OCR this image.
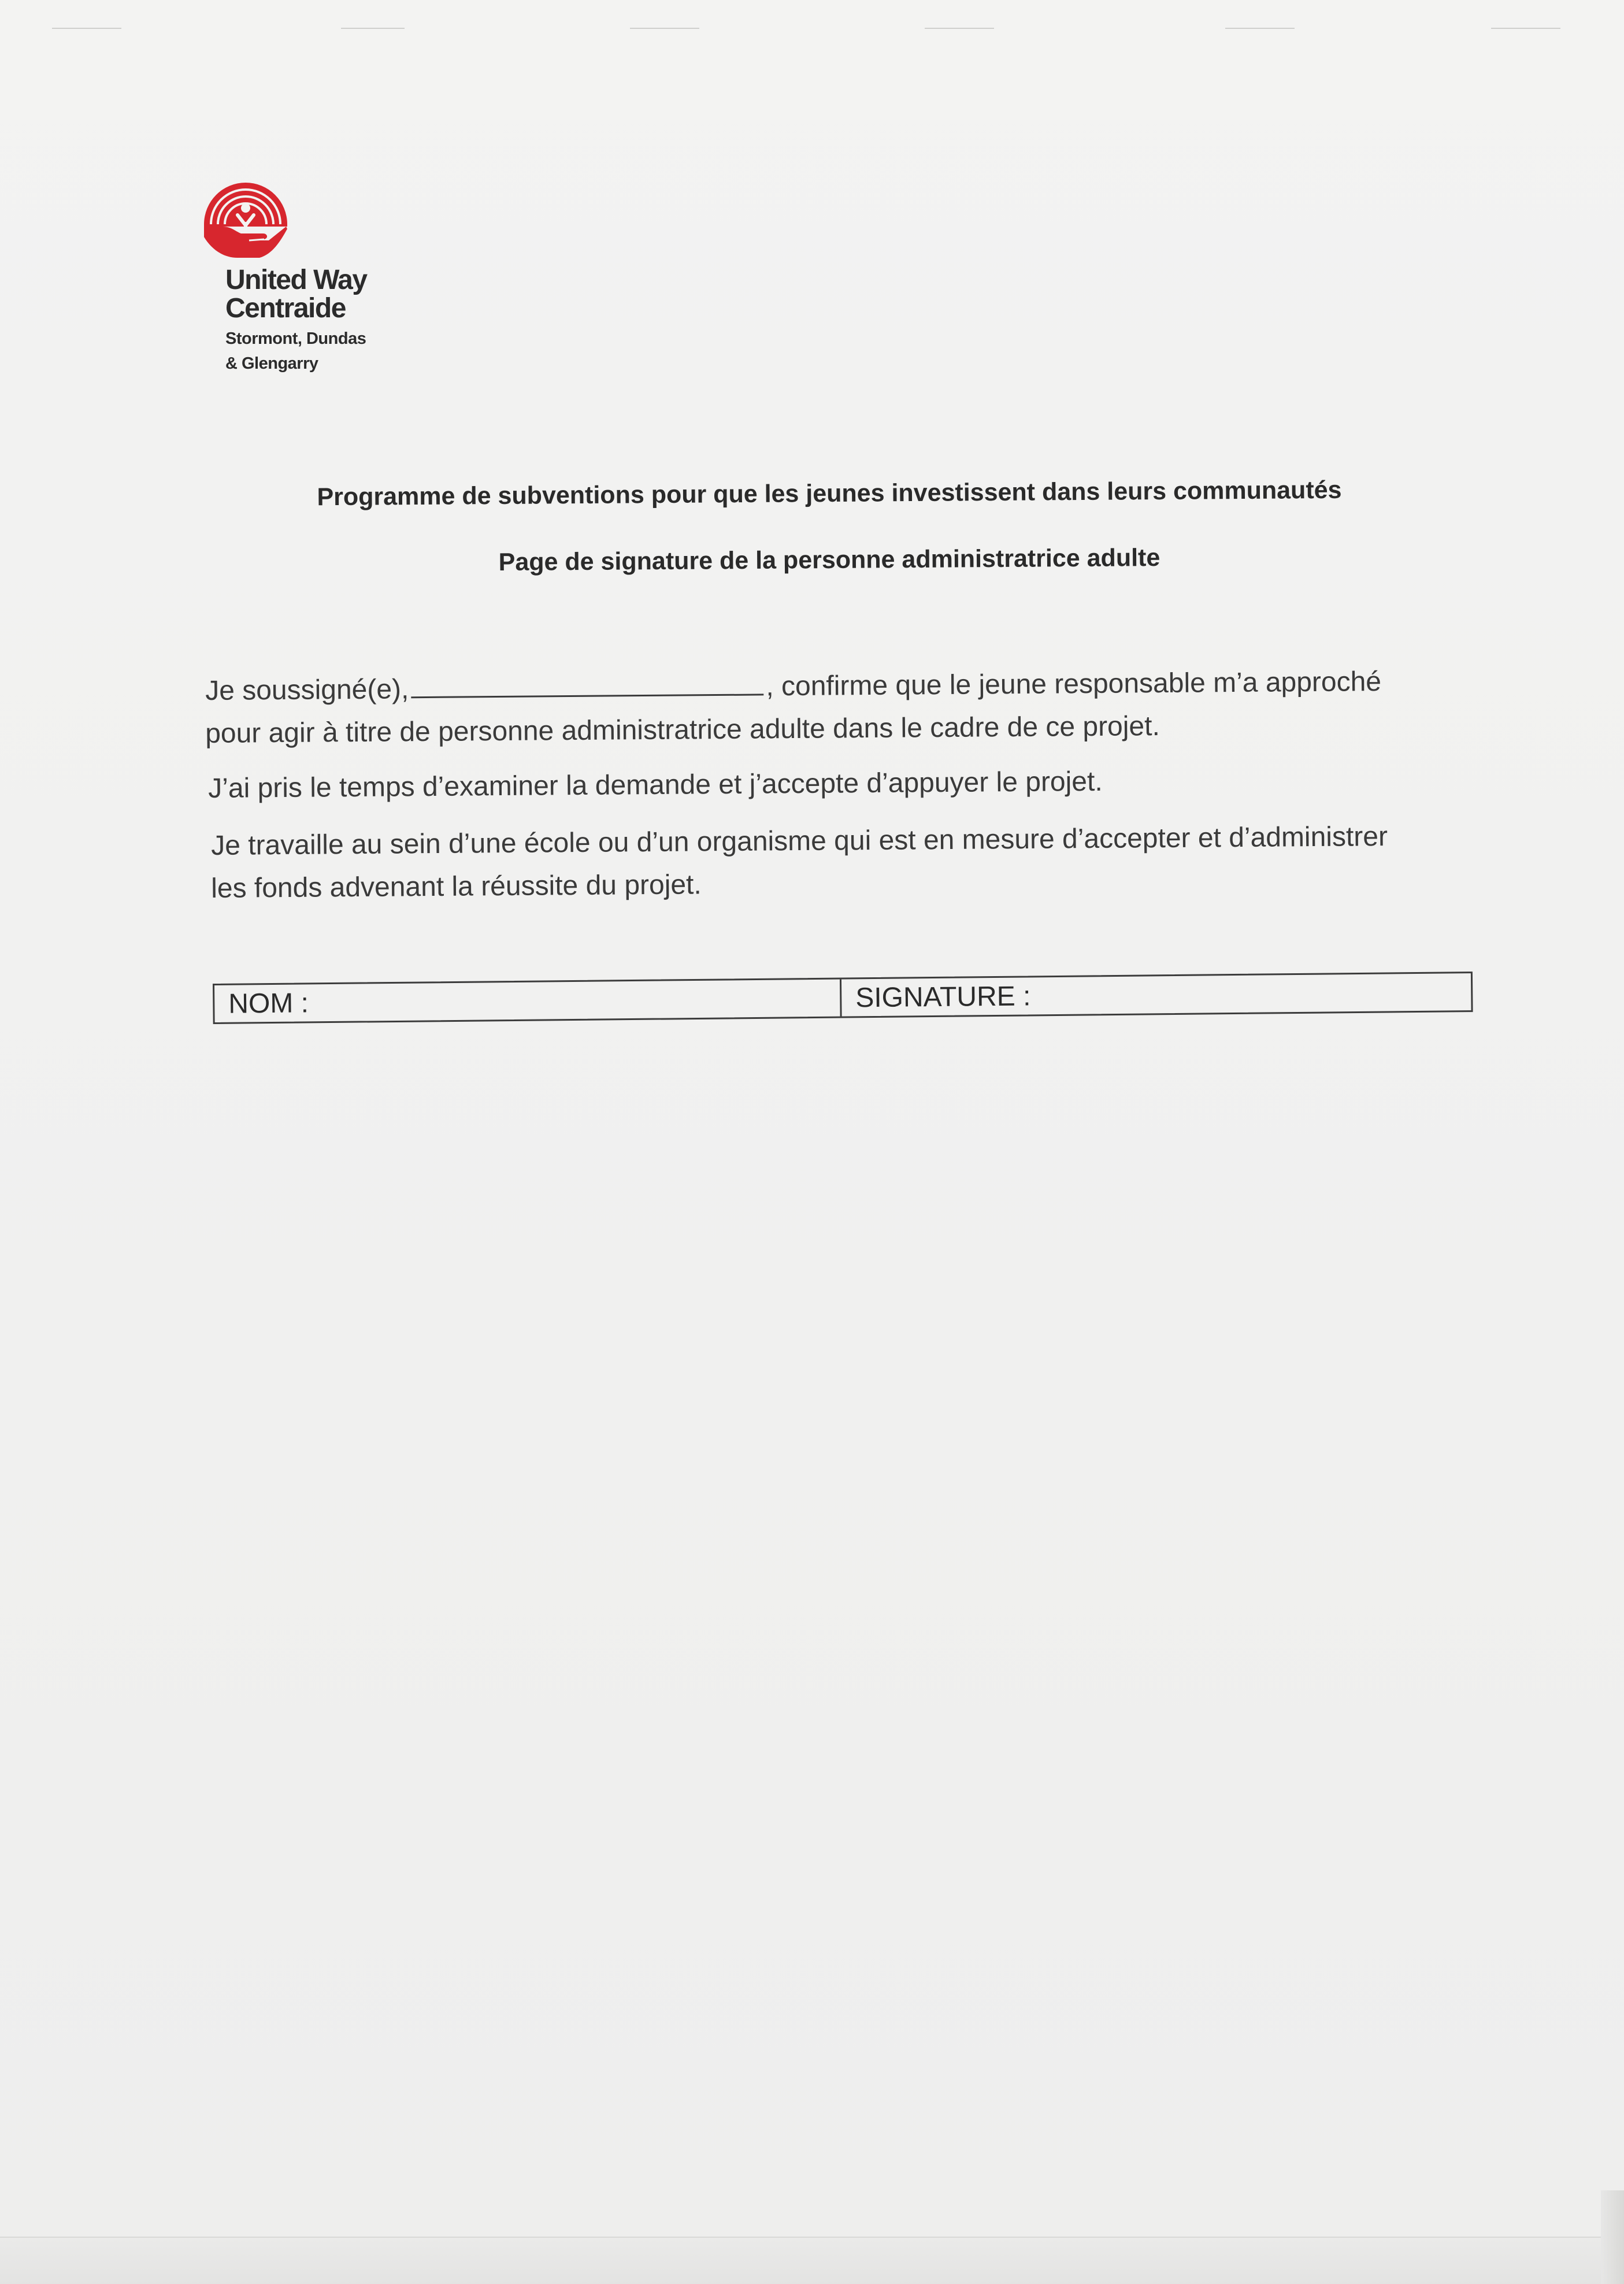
United Way
Centraide
Stormont, Dundas
& Glengarry
Programme de subventions pour que les jeunes investissent dans leurs communautés
Page de signature de la personne administratrice adulte
Je soussigné(e),	, confirme que le jeune responsable m’a approché
pour agir à titre de personne administratrice adulte dans le cadre de ce projet.
J’ai pris le temps d’examiner la demande et j’accepte d’appuyer le projet.
Je travaille au sein d’une école ou d’un organisme qui est en mesure d’accepter et d’administrer
les fonds advenant la réussite du projet.
NOM :	SIGNATURE :
